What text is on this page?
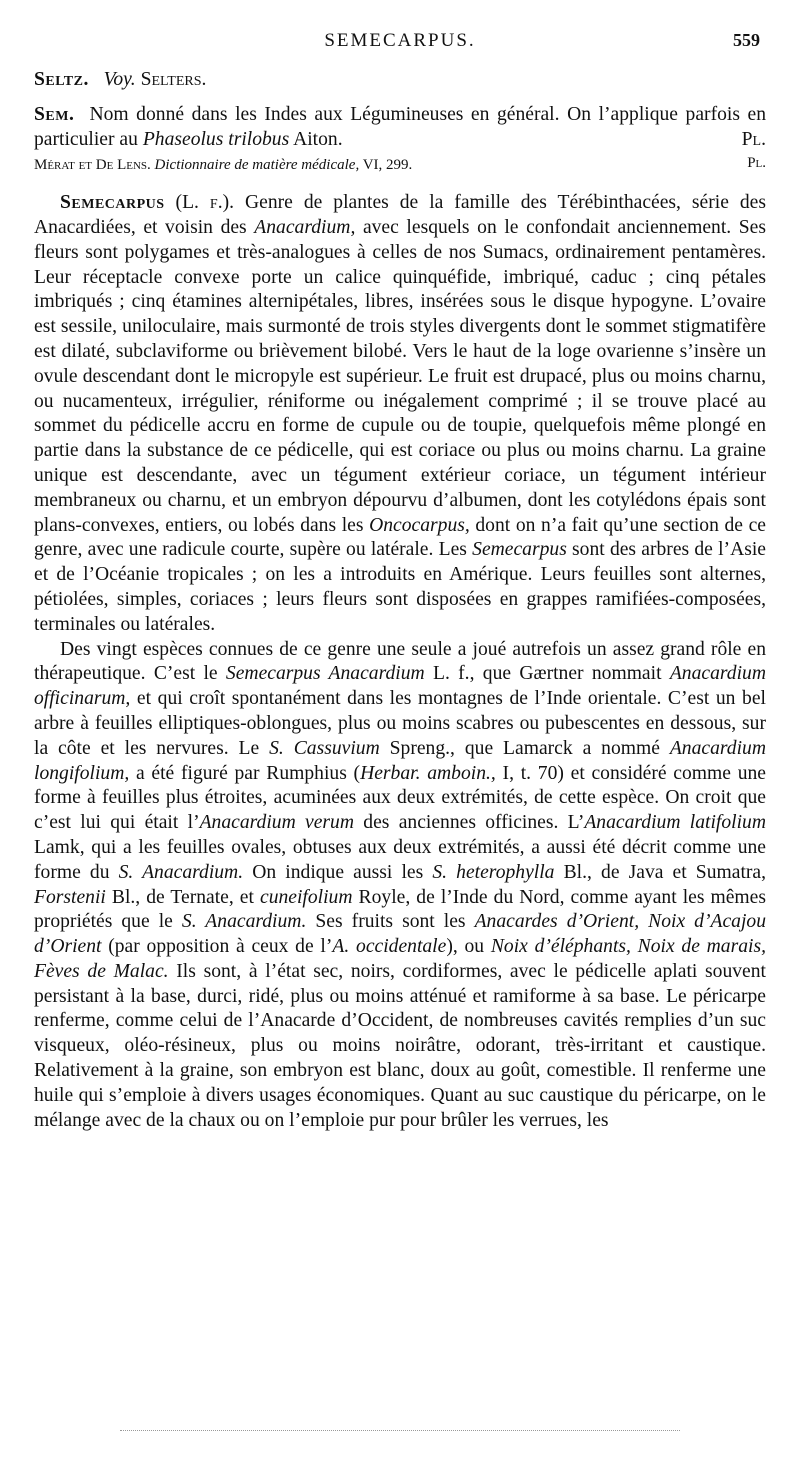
SEMECARPUS.	559

Seltz. Voy. Selters.

Sem. Nom donné dans les Indes aux Légumineuses en général. On l’applique parfois en particulier au Phaseolus trilobus Aiton.	Pl.

Mérat et De Lens. Dictionnaire de matière médicale, VI, 299.	Pl.

Semecarpus (L. f.). Genre de plantes de la famille des Térébinthacées, série des Anacardiées, et voisin des Anacardium, avec lesquels on le confondait anciennement. Ses fleurs sont polygames et très-analogues à celles de nos Sumacs, ordinairement pentamères. Leur réceptacle convexe porte un calice quinquéfide, imbriqué, caduc ; cinq pétales imbriqués ; cinq étamines alternipétales, libres, insérées sous le disque hypogyne. L’ovaire est sessile, uniloculaire, mais surmonté de trois styles divergents dont le sommet stigmatifère est dilaté, subclaviforme ou brièvement bilobé. Vers le haut de la loge ovarienne s’insère un ovule descendant dont le micropyle est supérieur. Le fruit est drupacé, plus ou moins charnu, ou nucamenteux, irrégulier, réniforme ou inégalement comprimé ; il se trouve placé au sommet du pédicelle accru en forme de cupule ou de toupie, quelquefois même plongé en partie dans la substance de ce pédicelle, qui est coriace ou plus ou moins charnu. La graine unique est descendante, avec un tégument extérieur coriace, un tégument intérieur membraneux ou charnu, et un embryon dépourvu d’albumen, dont les cotylédons épais sont plans-convexes, entiers, ou lobés dans les Oncocarpus, dont on n’a fait qu’une section de ce genre, avec une radicule courte, supère ou latérale. Les Semecarpus sont des arbres de l’Asie et de l’Océanie tropicales ; on les a introduits en Amérique. Leurs feuilles sont alternes, pétiolées, simples, coriaces ; leurs fleurs sont disposées en grappes ramifiées-composées, terminales ou latérales.

Des vingt espèces connues de ce genre une seule a joué autrefois un assez grand rôle en thérapeutique. C’est le Semecarpus Anacardium L. f., que Gærtner nommait Anacardium officinarum, et qui croît spontanément dans les montagnes de l’Inde orientale. C’est un bel arbre à feuilles elliptiques-oblongues, plus ou moins scabres ou pubescentes en dessous, sur la côte et les nervures. Le S. Cassuvium Spreng., que Lamarck a nommé Anacardium longifolium, a été figuré par Rumphius (Herbar. amboin., I, t. 70) et considéré comme une forme à feuilles plus étroites, acuminées aux deux extrémités, de cette espèce. On croit que c’est lui qui était l’Anacardium verum des anciennes officines. L’Anacardium latifolium Lamk, qui a les feuilles ovales, obtuses aux deux extrémités, a aussi été décrit comme une forme du S. Anacardium. On indique aussi les S. heterophylla Bl., de Java et Sumatra, Forstenii Bl., de Ternate, et cuneifolium Royle, de l’Inde du Nord, comme ayant les mêmes propriétés que le S. Anacardium. Ses fruits sont les Anacardes d’Orient, Noix d’Acajou d’Orient (par opposition à ceux de l’A. occidentale), ou Noix d’éléphants, Noix de marais, Fèves de Malac. Ils sont, à l’état sec, noirs, cordiformes, avec le pédicelle aplati souvent persistant à la base, durci, ridé, plus ou moins atténué et ramiforme à sa base. Le péricarpe renferme, comme celui de l’Anacarde d’Occident, de nombreuses cavités remplies d’un suc visqueux, oléo-résineux, plus ou moins noirâtre, odorant, très-irritant et caustique. Relativement à la graine, son embryon est blanc, doux au goût, comestible. Il renferme une huile qui s’emploie à divers usages économiques. Quant au suc caustique du péricarpe, on le mélange avec de la chaux ou on l’emploie pur pour brûler les verrues, les
